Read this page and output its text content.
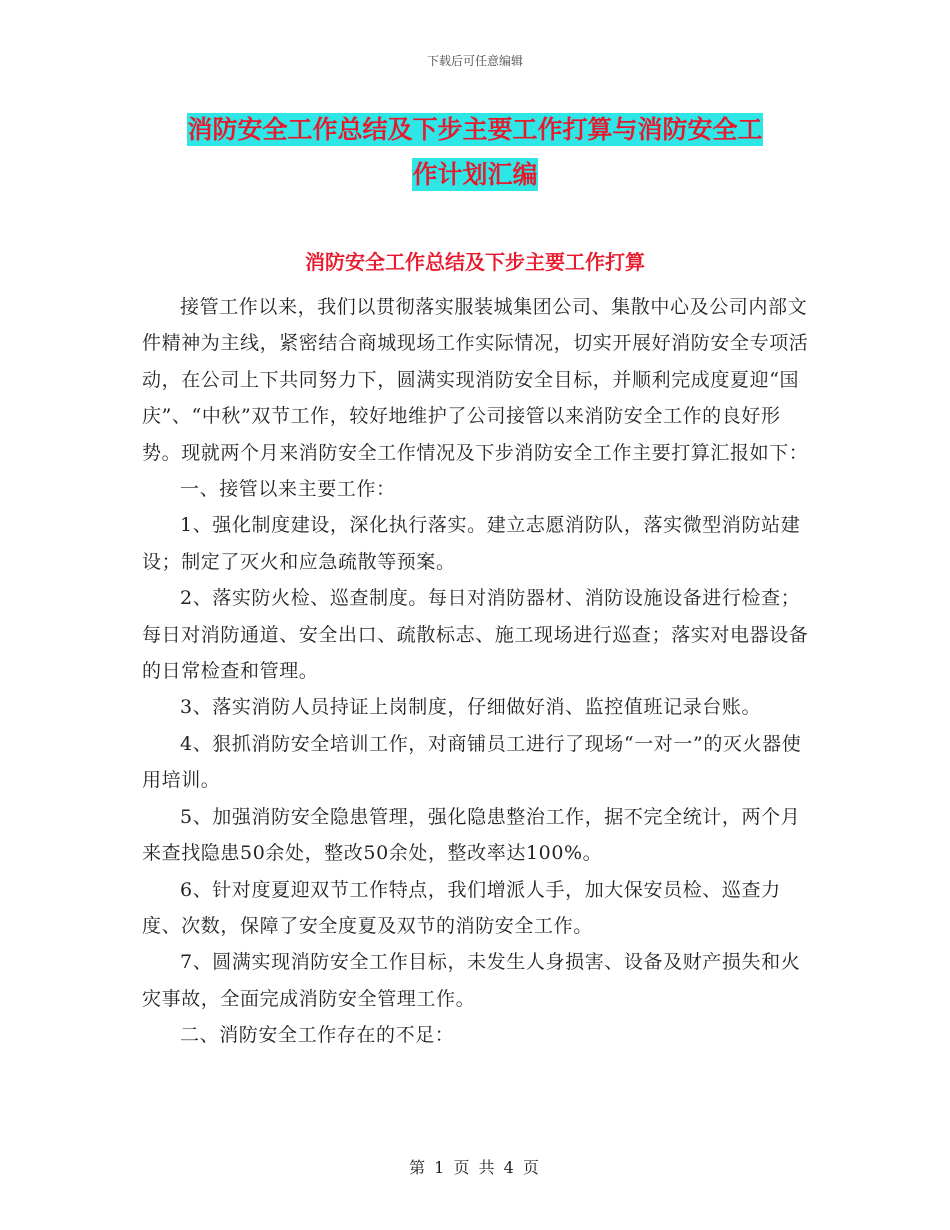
下载后可任意编辑
消防安全工作总结及下步主要工作打算与消防安全工
作计划汇编
消防安全工作总结及下步主要工作打算

接管工作以来，我们以贯彻落实服装城集团公司、集散中心及公司内部文件精神为主线，紧密结合商城现场工作实际情况，切实开展好消防安全专项活动，在公司上下共同努力下，圆满实现消防安全目标，并顺利完成度夏迎“国庆”、“中秋”双节工作，较好地维护了公司接管以来消防安全工作的良好形势。现就两个月来消防安全工作情况及下步消防安全工作主要打算汇报如下：

一、接管以来主要工作：

1、强化制度建设，深化执行落实。建立志愿消防队，落实微型消防站建设；制定了灭火和应急疏散等预案。

2、落实防火检、巡查制度。每日对消防器材、消防设施设备进行检查；每日对消防通道、安全出口、疏散标志、施工现场进行巡查；落实对电器设备的日常检查和管理。

3、落实消防人员持证上岗制度，仔细做好消、监控值班记录台账。

4、狠抓消防安全培训工作，对商铺员工进行了现场“一对一”的灭火器使用培训。

5、加强消防安全隐患管理，强化隐患整治工作，据不完全统计，两个月来查找隐患50余处，整改50余处，整改率达100%。

6、针对度夏迎双节工作特点，我们增派人手，加大保安员检、巡查力度、次数，保障了安全度夏及双节的消防安全工作。

7、圆满实现消防安全工作目标，未发生人身损害、设备及财产损失和火灾事故，全面完成消防安全管理工作。

二、消防安全工作存在的不足：

第 1 页 共 4 页
